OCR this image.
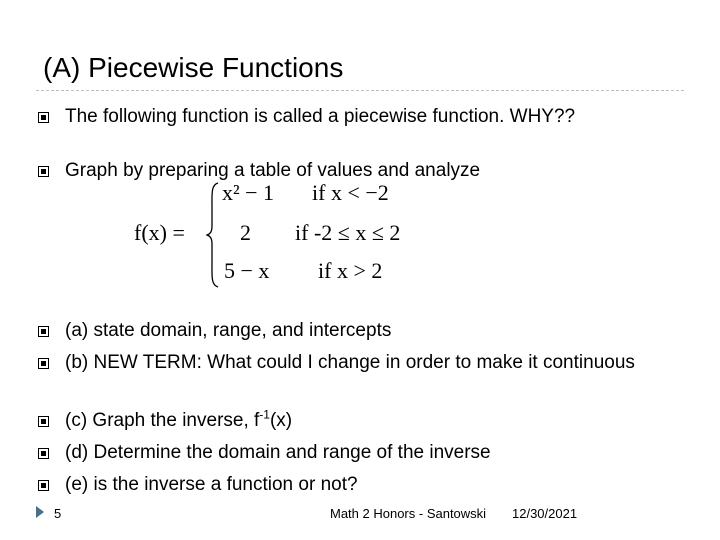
(A) Piecewise Functions
The following function is called a piecewise function. WHY??
Graph by preparing a table of values and analyze
f(x) =
x² − 1 if x < −2
2 if -2 ≤ x ≤ 2
5 − x if x > 2
(a) state domain, range, and intercepts
(b) NEW TERM: What could I change in order to make it continuous
(c) Graph the inverse, $f^{-1}(x)$
(d) Determine the domain and range of the inverse
(e) is the inverse a function or not?
5	Math 2 Honors - Santowski 12/30/2021
